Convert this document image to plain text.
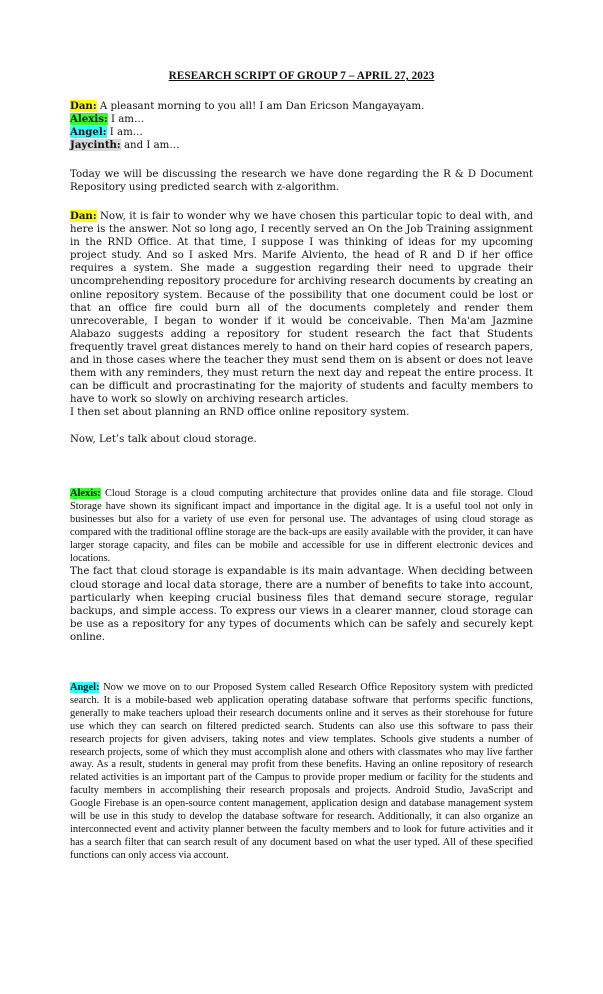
RESEARCH SCRIPT OF GROUP 7 – APRIL 27, 2023

Dan: A pleasant morning to you all! I am Dan Ericson Mangayayam.

Alexis: I am…

Angel: I am…

Jaycinth: and I am…

Today we will be discussing the research we have done regarding the R & D Document Repository using predicted search with z-algorithm.

Dan: Now, it is fair to wonder why we have chosen this particular topic to deal with, and here is the answer. Not so long ago, I recently served an On the Job Training assignment in the RND Office. At that time, I suppose I was thinking of ideas for my upcoming project study. And so I asked Mrs. Marife Alviento, the head of R and D if her office requires a system. She made a suggestion regarding their need to upgrade their uncomprehending repository procedure for archiving research documents by creating an online repository system. Because of the possibility that one document could be lost or that an office fire could burn all of the documents completely and render them unrecoverable, I began to wonder if it would be conceivable. Then Ma'am Jazmine Alabazo suggests adding a repository for student research the fact that Students frequently travel great distances merely to hand on their hard copies of research papers, and in those cases where the teacher they must send them on is absent or does not leave them with any reminders, they must return the next day and repeat the entire process. It can be difficult and procrastinating for the majority of students and faculty members to have to work so slowly on archiving research articles.

I then set about planning an RND office online repository system.

Now, Let’s talk about cloud storage.

Alexis: Cloud Storage is a cloud computing architecture that provides online data and file storage. Cloud Storage have shown its significant impact and importance in the digital age. It is a useful tool not only in businesses but also for a variety of use even for personal use. The advantages of using cloud storage as compared with the traditional offline storage are the back-ups are easily available with the provider, it can have larger storage capacity, and files can be mobile and accessible for use in different electronic devices and locations.

The fact that cloud storage is expandable is its main advantage. When deciding between cloud storage and local data storage, there are a number of benefits to take into account, particularly when keeping crucial business files that demand secure storage, regular backups, and simple access. To express our views in a clearer manner, cloud storage can be use as a repository for any types of documents which can be safely and securely kept online.

Angel: Now we move on to our Proposed System called Research Office Repository system with predicted search. It is a mobile-based web application operating database software that performs specific functions, generally to make teachers upload their research documents online and it serves as their storehouse for future use which they can search on filtered predicted search. Students can also use this software to pass their research projects for given advisers, taking notes and view templates. Schools give students a number of research projects, some of which they must accomplish alone and others with classmates who may live farther away. As a result, students in general may profit from these benefits. Having an online repository of research related activities is an important part of the Campus to provide proper medium or facility for the students and faculty members in accomplishing their research proposals and projects. Android Studio, JavaScript and Google Firebase is an open-source content management, application design and database management system will be use in this study to develop the database software for research. Additionally, it can also organize an interconnected event and activity planner between the faculty members and to look for future activities and it has a search filter that can search result of any document based on what the user typed. All of these specified functions can only access via account.
